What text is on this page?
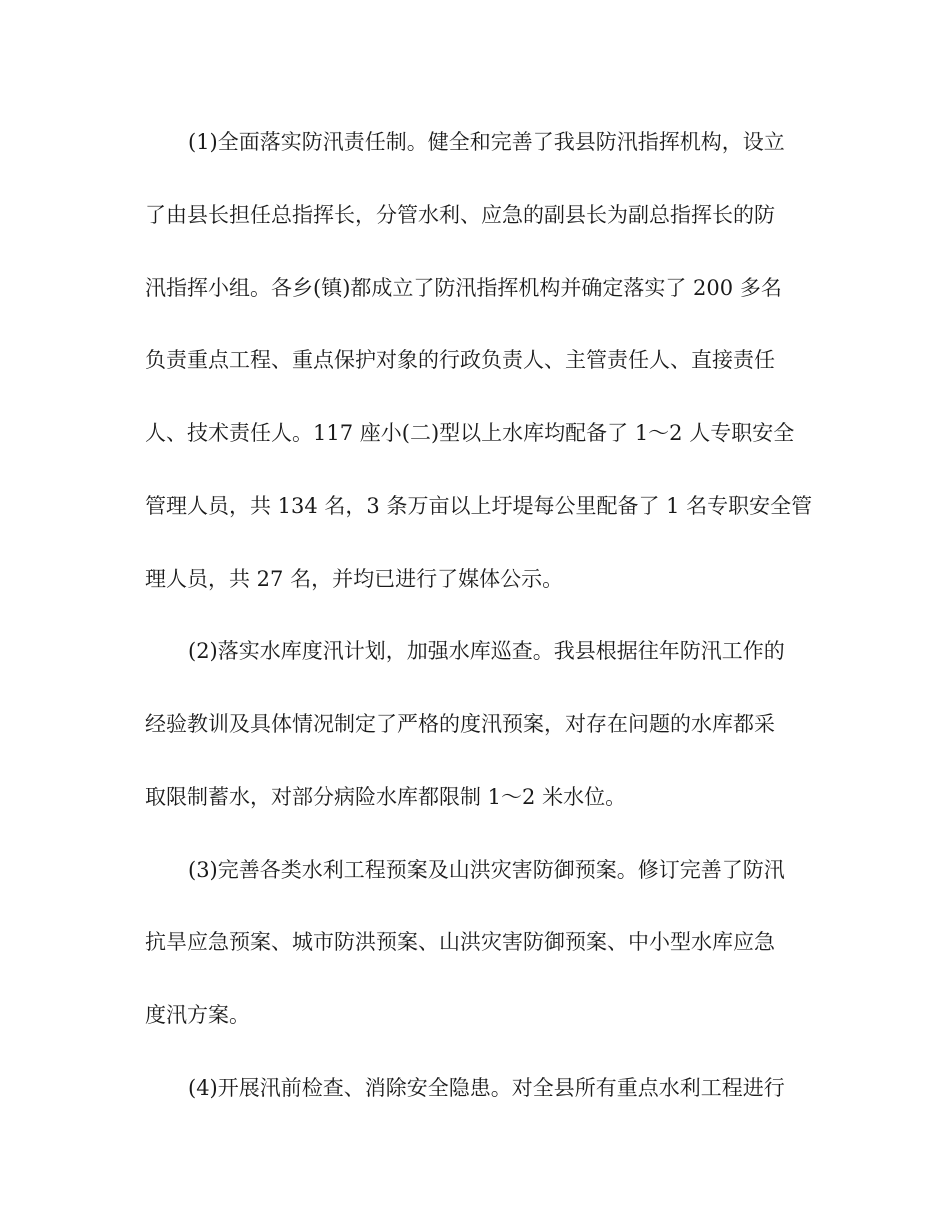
(1)全面落实防汛责任制。健全和完善了我县防汛指挥机构，设立
了由县长担任总指挥长，分管水利、应急的副县长为副总指挥长的防
汛指挥小组。各乡(镇)都成立了防汛指挥机构并确定落实了 200 多名
负责重点工程、重点保护对象的行政负责人、主管责任人、直接责任
人、技术责任人。117 座小(二)型以上水库均配备了 1～2 人专职安全
管理人员，共 134 名，3 条万亩以上圩堤每公里配备了 1 名专职安全管
理人员，共 27 名，并均已进行了媒体公示。
(2)落实水库度汛计划，加强水库巡查。我县根据往年防汛工作的
经验教训及具体情况制定了严格的度汛预案，对存在问题的水库都采
取限制蓄水，对部分病险水库都限制 1～2 米水位。
(3)完善各类水利工程预案及山洪灾害防御预案。修订完善了防汛
抗旱应急预案、城市防洪预案、山洪灾害防御预案、中小型水库应急
度汛方案。
(4)开展汛前检查、消除安全隐患。对全县所有重点水利工程进行
